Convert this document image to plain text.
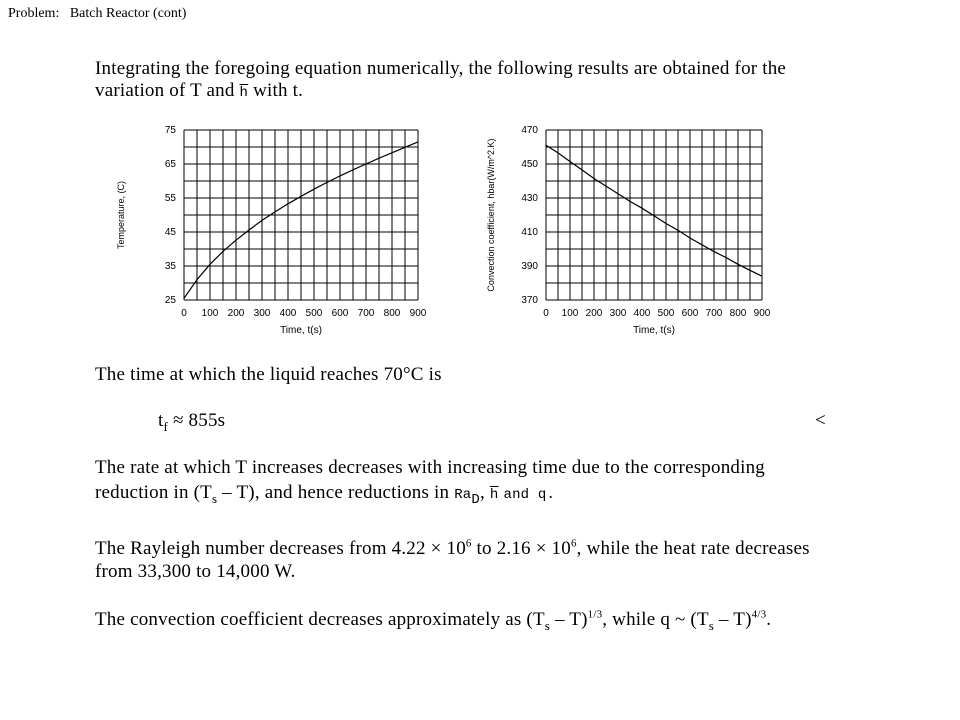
Problem: Batch Reactor (cont)
Integrating the foregoing equation numerically, the following results are obtained for the
variation of T and $\overline{h}$ with t.
0 100 200 300 400 500 600 700 800 900
25
35
45
55
65
75
Time, t(s)
Temperature, (C)
0 100 200 300 400 500 600 700 800 900
370
390
410
430
450
470
Time, t(s)
Convection coefficient, hbar(W/m^2.K)
The time at which the liquid reaches 70°C is
$t_f \approx 855s$	<
The rate at which T increases decreases with increasing time due to the corresponding
reduction in $(T_s - T)$, and hence reductions in $Ra_D$, $\overline{h}$ and q.
The Rayleigh number decreases from $4.22 \times 10^6$ to $2.16 \times 10^6$, while the heat rate decreases
from 33,300 to 14,000 W.
The convection coefficient decreases approximately as $(T_s - T)^{1/3}$, while q ~ $(T_s - T)^{4/3}$.
